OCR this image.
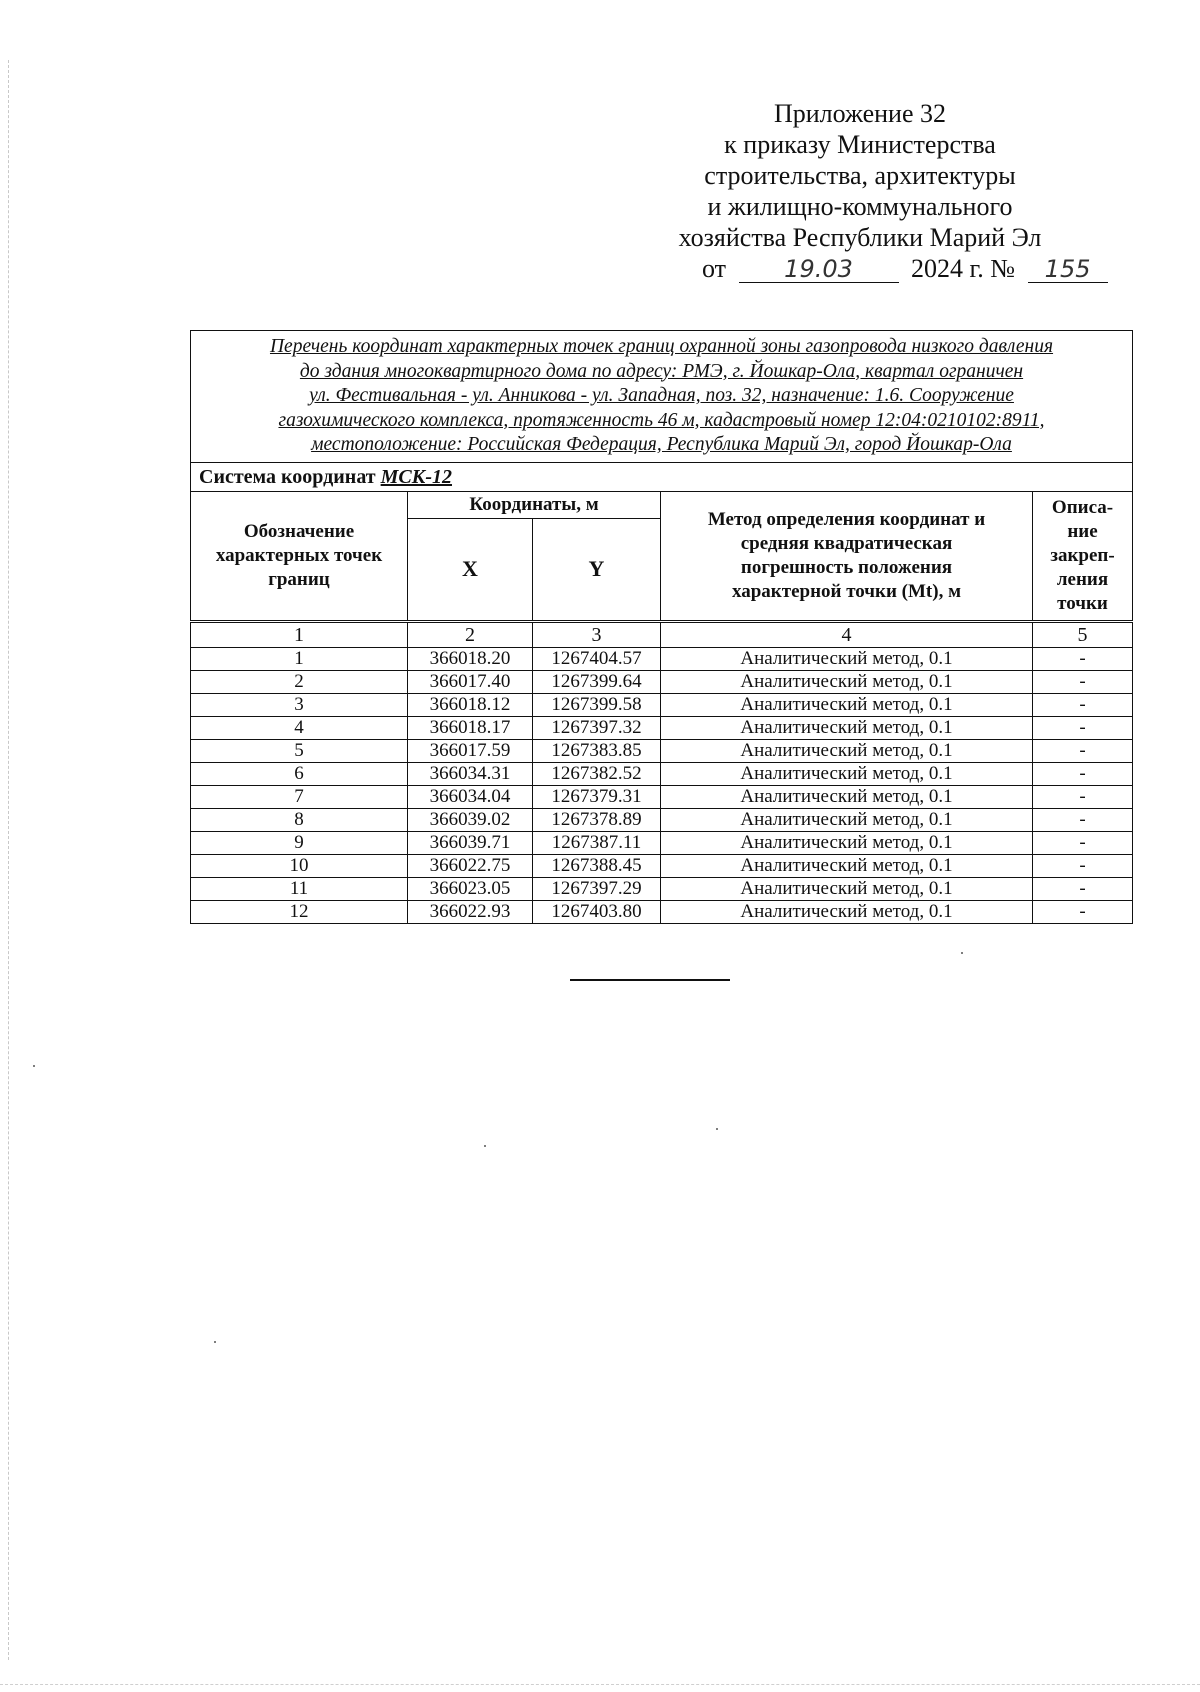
Приложение 32
к приказу Министерства
строительства, архитектуры
и жилищно-коммунального
хозяйства Республики Марий Эл
от 19.03 2024 г. № 155
Перечень координат характерных точек границ охранной зоны газопровода низкого давления
до здания многоквартирного дома по адресу: РМЭ, г. Йошкар-Ола, квартал ограничен
ул. Фестивальная - ул. Анникова - ул. Западная, поз. 32, назначение: 1.6. Сооружение
газохимического комплекса, протяженность 46 м, кадастровый номер 12:04:0210102:8911,
местоположение: Российская Федерация, Республика Марий Эл, город Йошкар-Ола				

Система координат МСК-12				
Обозначение характерных точек границ	Координаты, м		Метод определения координат и средняя квадратическая погрешность положения характерной точки (Mt), м	Описа-
ние
закреп-
ления
точки

	X	Y		
1	2	3	4	5
1	366018.20	1267404.57	Аналитический метод, 0.1	-
2	366017.40	1267399.64	Аналитический метод, 0.1	-
3	366018.12	1267399.58	Аналитический метод, 0.1	-
4	366018.17	1267397.32	Аналитический метод, 0.1	-
5	366017.59	1267383.85	Аналитический метод, 0.1	-
6	366034.31	1267382.52	Аналитический метод, 0.1	-
7	366034.04	1267379.31	Аналитический метод, 0.1	-
8	366039.02	1267378.89	Аналитический метод, 0.1	-
9	366039.71	1267387.11	Аналитический метод, 0.1	-
10	366022.75	1267388.45	Аналитический метод, 0.1	-
11	366023.05	1267397.29	Аналитический метод, 0.1	-
12	366022.93	1267403.80	Аналитический метод, 0.1	-
